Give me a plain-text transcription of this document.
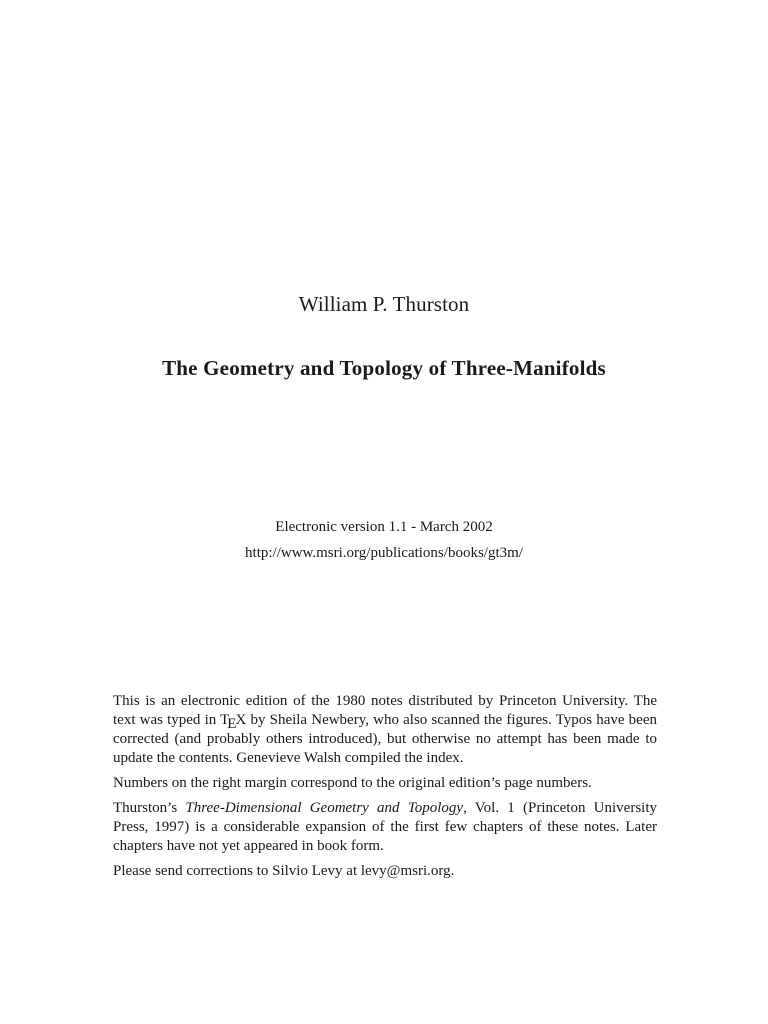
William P. Thurston
The Geometry and Topology of Three-Manifolds
Electronic version 1.1 - March 2002
http://www.msri.org/publications/books/gt3m/

This is an electronic edition of the 1980 notes distributed by Princeton University. The text was typed in TEX by Sheila Newbery, who also scanned the figures. Typos have been corrected (and probably others introduced), but otherwise no attempt has been made to update the contents. Genevieve Walsh compiled the index.

Numbers on the right margin correspond to the original edition’s page numbers.

Thurston’s Three-Dimensional Geometry and Topology, Vol. 1 (Princeton University Press, 1997) is a considerable expansion of the first few chapters of these notes. Later chapters have not yet appeared in book form.

Please send corrections to Silvio Levy at levy@msri.org.
